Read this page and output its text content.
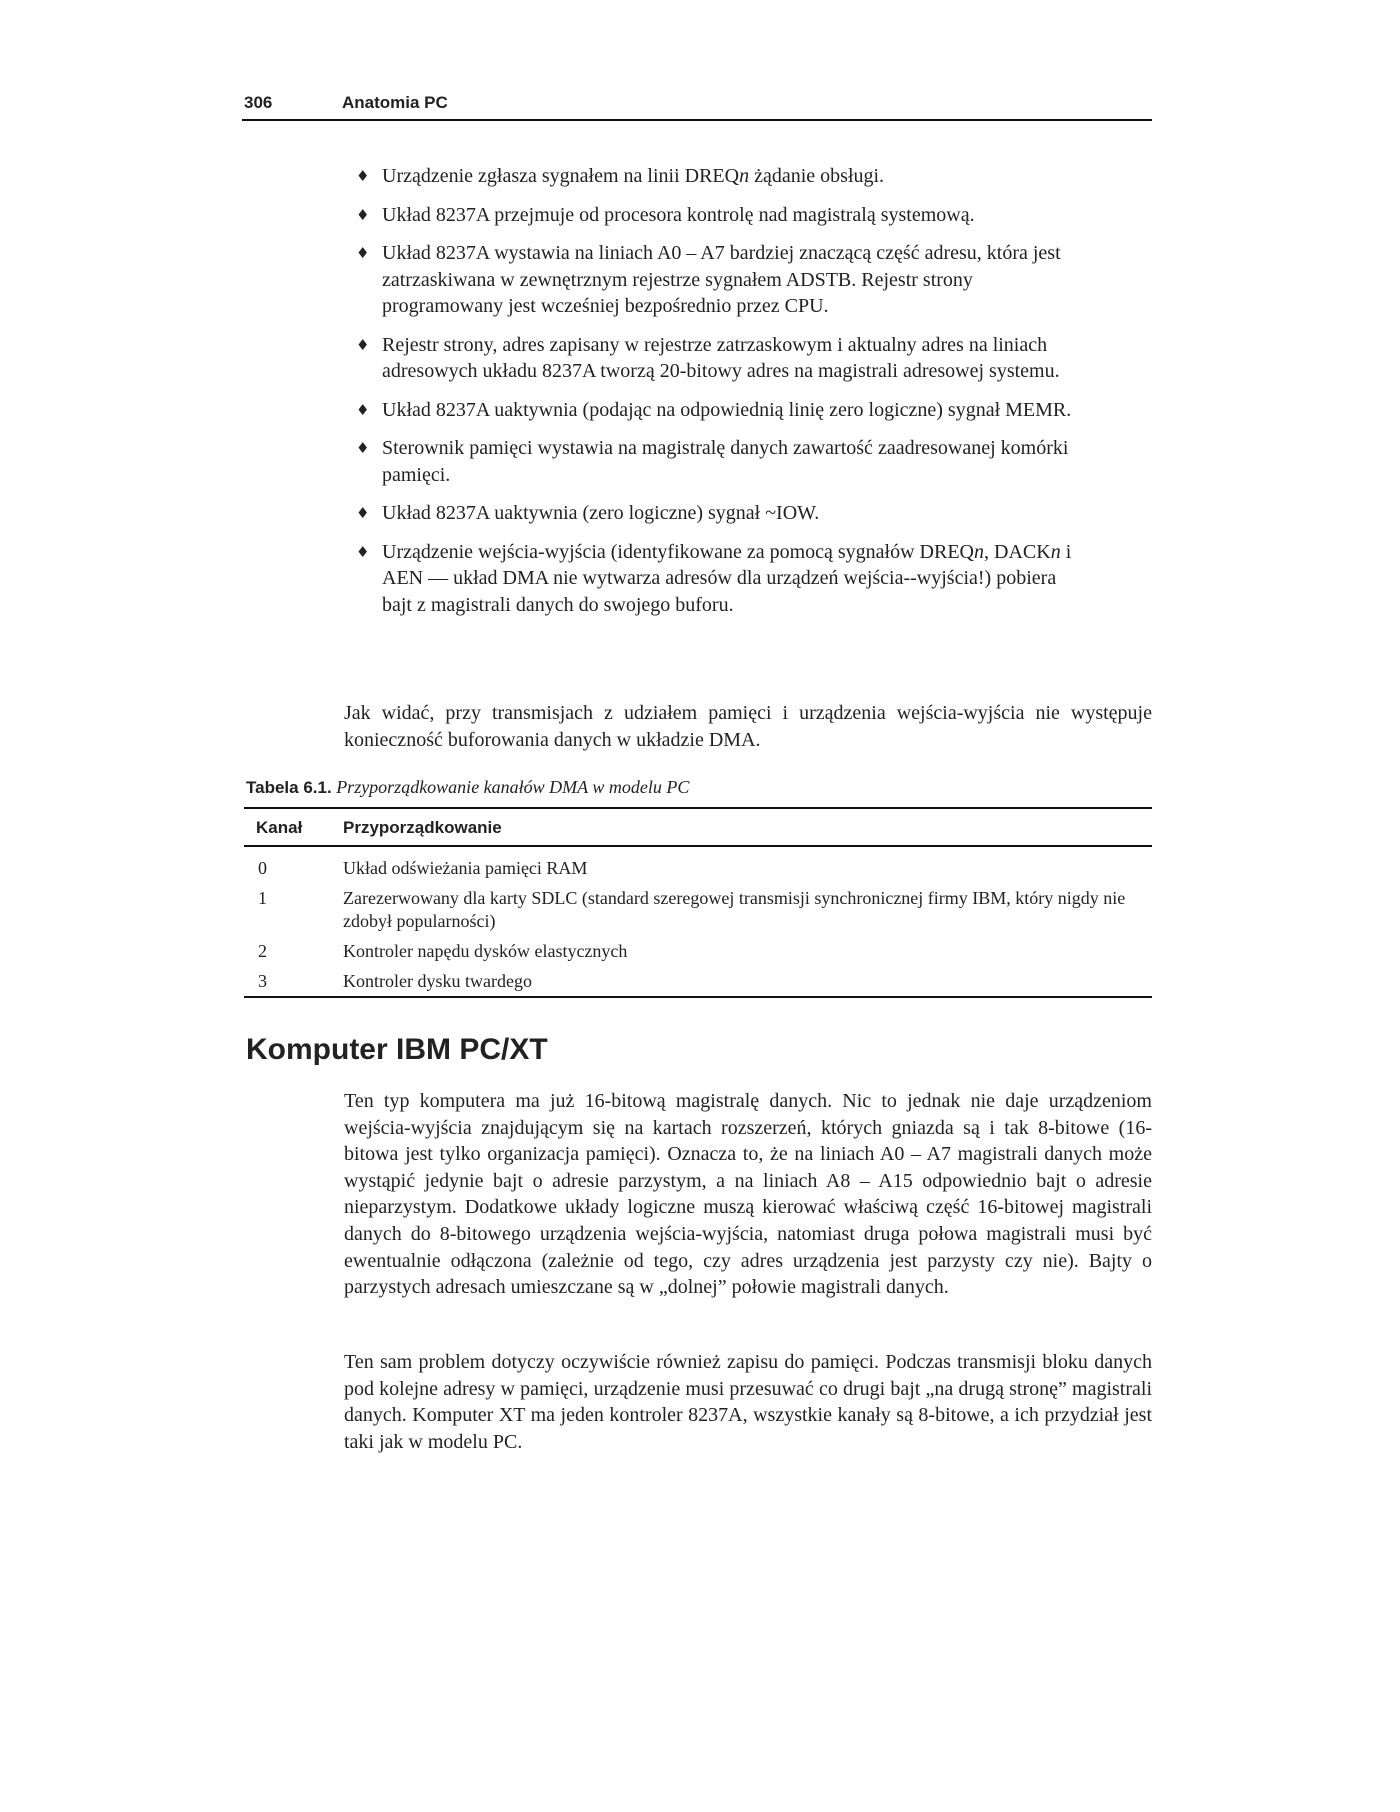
306	Anatomia PC
♦ Urządzenie zgłasza sygnałem na linii DREQn żądanie obsługi.
♦ Układ 8237A przejmuje od procesora kontrolę nad magistralą systemową.
♦ Układ 8237A wystawia na liniach A0 – A7 bardziej znaczącą część adresu, która jest zatrzaskiwana w zewnętrznym rejestrze sygnałem ADSTB. Rejestr strony programowany jest wcześniej bezpośrednio przez CPU.
♦ Rejestr strony, adres zapisany w rejestrze zatrzaskowym i aktualny adres na liniach adresowych układu 8237A tworzą 20-bitowy adres na magistrali adresowej systemu.
♦ Układ 8237A uaktywnia (podając na odpowiednią linię zero logiczne) sygnał MEMR.
♦ Sterownik pamięci wystawia na magistralę danych zawartość zaadresowanej komórki pamięci.
♦ Układ 8237A uaktywnia (zero logiczne) sygnał ~IOW.
♦ Urządzenie wejścia-wyjścia (identyfikowane za pomocą sygnałów DREQn, DACKn i AEN — układ DMA nie wytwarza adresów dla urządzeń wejścia--wyjścia!) pobiera bajt z magistrali danych do swojego buforu.

Jak widać, przy transmisjach z udziałem pamięci i urządzenia wejścia-wyjścia nie występuje konieczność buforowania danych w układzie DMA.

Tabela 6.1. Przyporządkowanie kanałów DMA w modelu PC
Kanał	Przyporządkowanie
0	Układ odświeżania pamięci RAM
1	Zarezerwowany dla karty SDLC (standard szeregowej transmisji synchronicznej firmy IBM, który nigdy nie zdobył popularności)
2	Kontroler napędu dysków elastycznych
3	Kontroler dysku twardego
Komputer IBM PC/XT

Ten typ komputera ma już 16-bitową magistralę danych. Nic to jednak nie daje urządzeniom wejścia-wyjścia znajdującym się na kartach rozszerzeń, których gniazda są i tak 8-bitowe (16-bitowa jest tylko organizacja pamięci). Oznacza to, że na liniach A0 – A7 magistrali danych może wystąpić jedynie bajt o adresie parzystym, a na liniach A8 – A15 odpowiednio bajt o adresie nieparzystym. Dodatkowe układy logiczne muszą kierować właściwą część 16-bitowej magistrali danych do 8-bitowego urządzenia wejścia-wyjścia, natomiast druga połowa magistrali musi być ewentualnie odłączona (zależnie od tego, czy adres urządzenia jest parzysty czy nie). Bajty o parzystych adresach umieszczane są w „dolnej” połowie magistrali danych.

Ten sam problem dotyczy oczywiście również zapisu do pamięci. Podczas transmisji bloku danych pod kolejne adresy w pamięci, urządzenie musi przesuwać co drugi bajt „na drugą stronę” magistrali danych. Komputer XT ma jeden kontroler 8237A, wszystkie kanały są 8-bitowe, a ich przydział jest taki jak w modelu PC.
